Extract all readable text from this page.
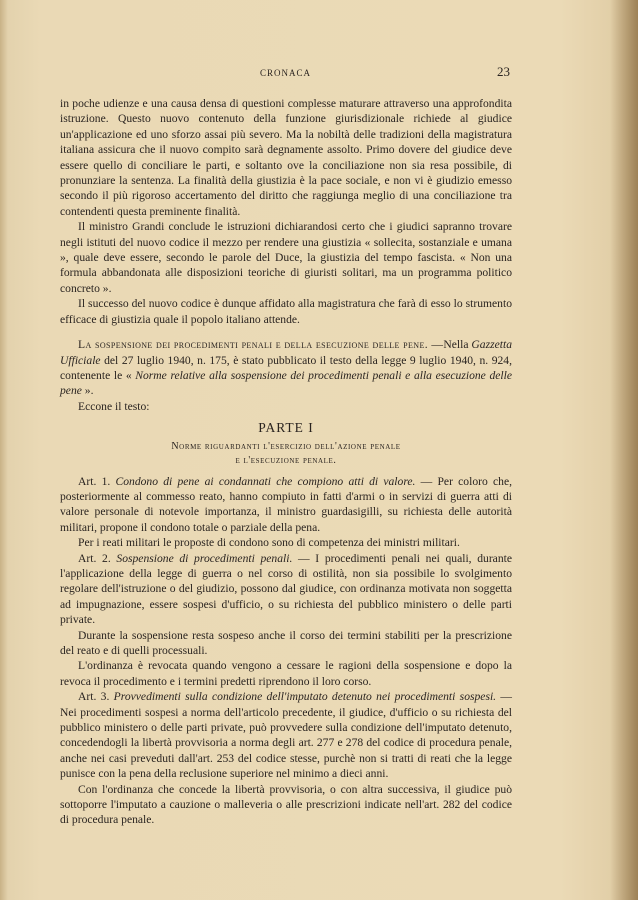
CRONACA	23

in poche udienze e una causa densa di questioni complesse maturare attraverso una approfondita istruzione. Questo nuovo contenuto della funzione giurisdizionale richiede al giudice un'applicazione ed uno sforzo assai più severo. Ma la nobiltà delle tradizioni della magistratura italiana assicura che il nuovo compito sarà degnamente assolto. Primo dovere del giudice deve essere quello di conciliare le parti, e soltanto ove la conciliazione non sia resa possibile, di pronunziare la sentenza. La finalità della giustizia è la pace sociale, e non vi è giudizio emesso secondo il più rigoroso accertamento del diritto che raggiunga meglio di una conciliazione tra contendenti questa preminente finalità.

Il ministro Grandi conclude le istruzioni dichiarandosi certo che i giudici sapranno trovare negli istituti del nuovo codice il mezzo per rendere una giustizia « sollecita, sostanziale e umana », quale deve essere, secondo le parole del Duce, la giustizia del tempo fascista. « Non una formula abbandonata alle disposizioni teoriche di giuristi solitari, ma un programma politico concreto ».

Il successo del nuovo codice è dunque affidato alla magistratura che farà di esso lo strumento efficace di giustizia quale il popolo italiano attende.

La sospensione dei procedimenti penali e della esecuzione delle pene. —Nella Gazzetta Ufficiale del 27 luglio 1940, n. 175, è stato pubblicato il testo della legge 9 luglio 1940, n. 924, contenente le « Norme relative alla sospensione dei procedimenti penali e alla esecuzione delle pene ».

Eccone il testo:

PARTE I

Norme riguardanti l'esercizio dell'azione penale

e l'esecuzione penale.

Art. 1. Condono di pene ai condannati che compiono atti di valore. — Per coloro che, posteriormente al commesso reato, hanno compiuto in fatti d'armi o in servizi di guerra atti di valore personale di notevole importanza, il ministro guardasigilli, su richiesta delle autorità militari, propone il condono totale o parziale della pena.

Per i reati militari le proposte di condono sono di competenza dei ministri militari.

Art. 2. Sospensione di procedimenti penali. — I procedimenti penali nei quali, durante l'applicazione della legge di guerra o nel corso di ostilità, non sia possibile lo svolgimento regolare dell'istruzione o del giudizio, possono dal giudice, con ordinanza motivata non soggetta ad impugnazione, essere sospesi d'ufficio, o su richiesta del pubblico ministero o delle parti private.

Durante la sospensione resta sospeso anche il corso dei termini stabiliti per la prescrizione del reato e di quelli processuali.

L'ordinanza è revocata quando vengono a cessare le ragioni della sospensione e dopo la revoca il procedimento e i termini predetti riprendono il loro corso.

Art. 3. Provvedimenti sulla condizione dell'imputato detenuto nei procedimenti sospesi. — Nei procedimenti sospesi a norma dell'articolo precedente, il giudice, d'ufficio o su richiesta del pubblico ministero o delle parti private, può provvedere sulla condizione dell'imputato detenuto, concedendogli la libertà provvisoria a norma degli art. 277 e 278 del codice di procedura penale, anche nei casi preveduti dall'art. 253 del codice stesse, purchè non si tratti di reati che la legge punisce con la pena della reclusione superiore nel minimo a dieci anni.

Con l'ordinanza che concede la libertà provvisoria, o con altra successiva, il giudice può sottoporre l'imputato a cauzione o malleveria o alle prescrizioni indicate nell'art. 282 del codice di procedura penale.
